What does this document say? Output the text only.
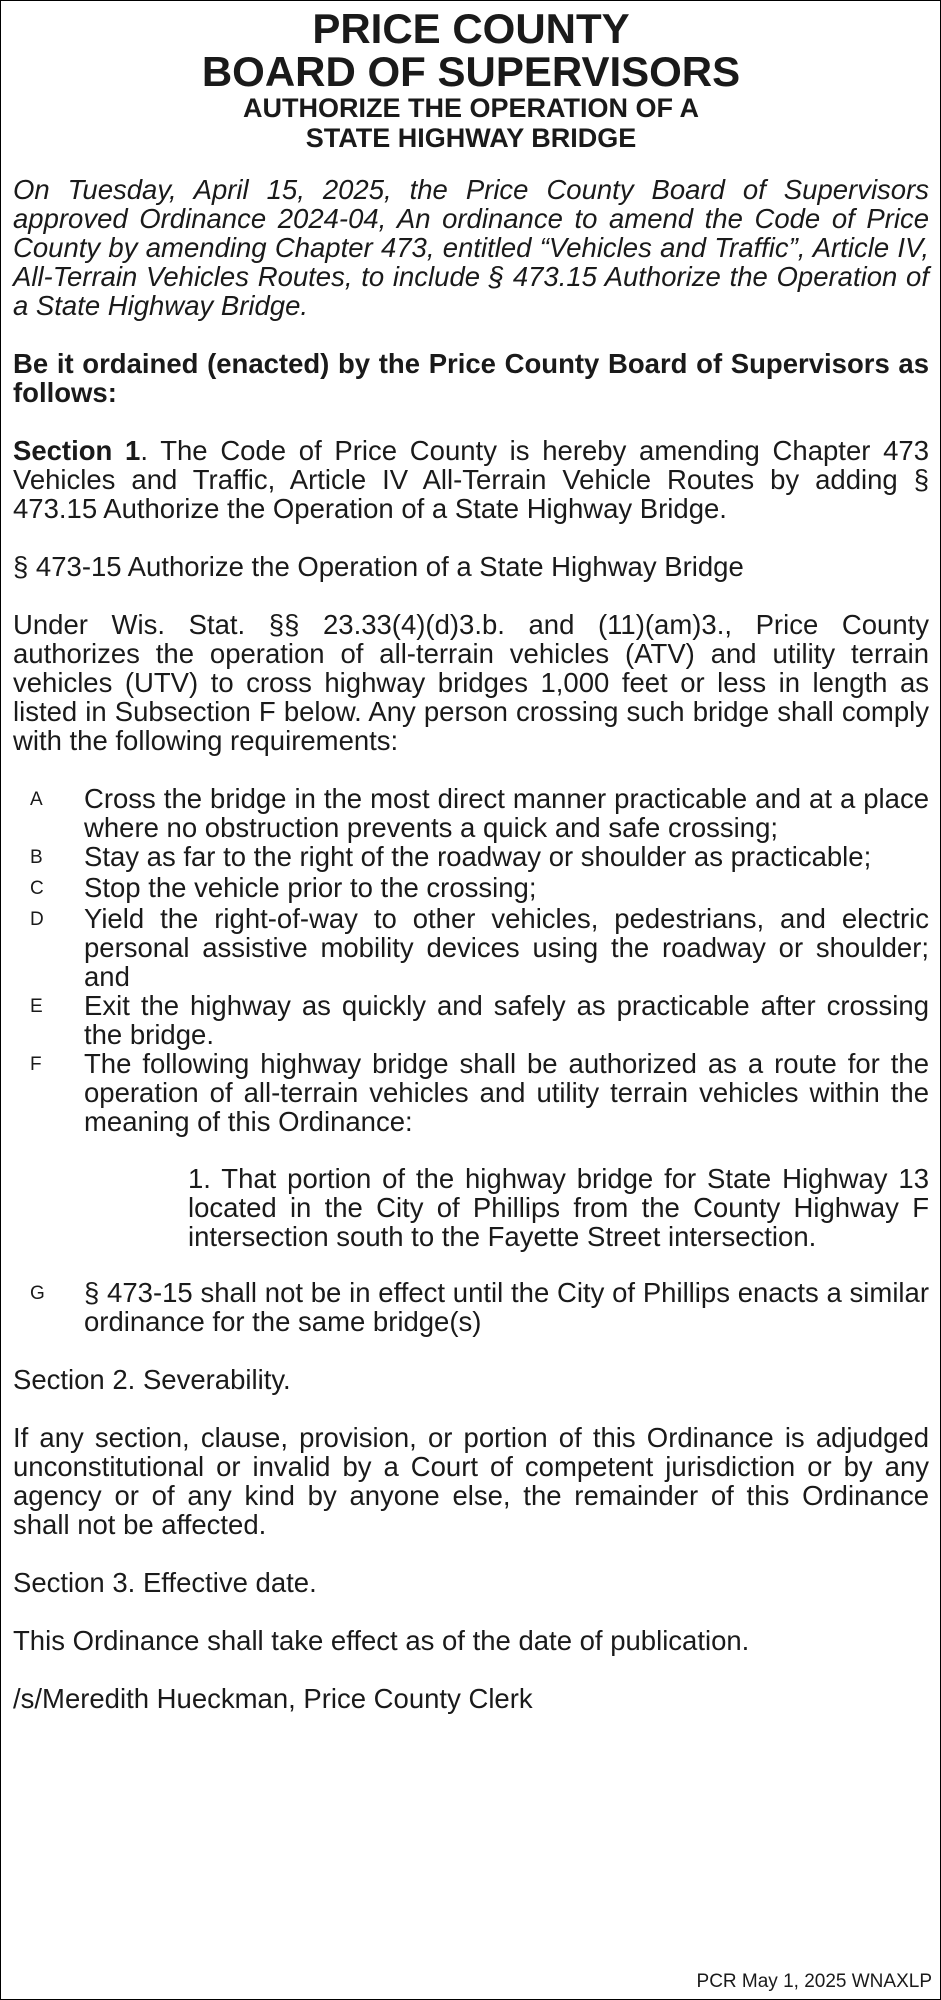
PRICE COUNTY

BOARD OF SUPERVISORS

AUTHORIZE THE OPERATION OF A

STATE HIGHWAY BRIDGE

On Tuesday, April 15, 2025, the Price County Board of Supervisors approved Ordinance 2024-04, An ordinance to amend the Code of Price County by amending Chapter 473, entitled “Vehicles and Traffic”, Article IV, All-Terrain Vehicles Routes, to include § 473.15 Authorize the Operation of a State Highway Bridge.

Be it ordained (enacted) by the Price County Board of Supervisors as follows:

Section 1. The Code of Price County is hereby amending Chapter 473 Vehicles and Traffic, Article IV All-Terrain Vehicle Routes by adding § 473.15 Authorize the Operation of a State Highway Bridge.

§ 473-15 Authorize the Operation of a State Highway Bridge

Under Wis. Stat. §§ 23.33(4)(d)3.b. and (11)(am)3., Price County authorizes the operation of all-terrain vehicles (ATV) and utility terrain vehicles (UTV) to cross highway bridges 1,000 feet or less in length as listed in Subsection F below. Any person crossing such bridge shall comply with the following requirements:

A	Cross the bridge in the most direct manner practicable and at a place where no obstruction prevents a quick and safe crossing;
B	Stay as far to the right of the roadway or shoulder as practicable;
C	Stop the vehicle prior to the crossing;
D	Yield the right-of-way to other vehicles, pedestrians, and electric personal assistive mobility devices using the roadway or shoulder; and
E	Exit the highway as quickly and safely as practicable after crossing the bridge.
F	The following highway bridge shall be authorized as a route for the operation of all-terrain vehicles and utility terrain vehicles within the meaning of this Ordinance:

1. That portion of the highway bridge for State Highway 13 located in the City of Phillips from the County Highway F intersection south to the Fayette Street intersection.

G	§ 473-15 shall not be in effect until the City of Phillips enacts a similar ordinance for the same bridge(s)

Section 2. Severability.

If any section, clause, provision, or portion of this Ordinance is adjudged unconstitutional or invalid by a Court of competent jurisdiction or by any agency or of any kind by anyone else, the remainder of this Ordinance shall not be affected.

Section 3. Effective date.

This Ordinance shall take effect as of the date of publication.

/s/Meredith Hueckman, Price County Clerk

PCR May 1, 2025 WNAXLP
